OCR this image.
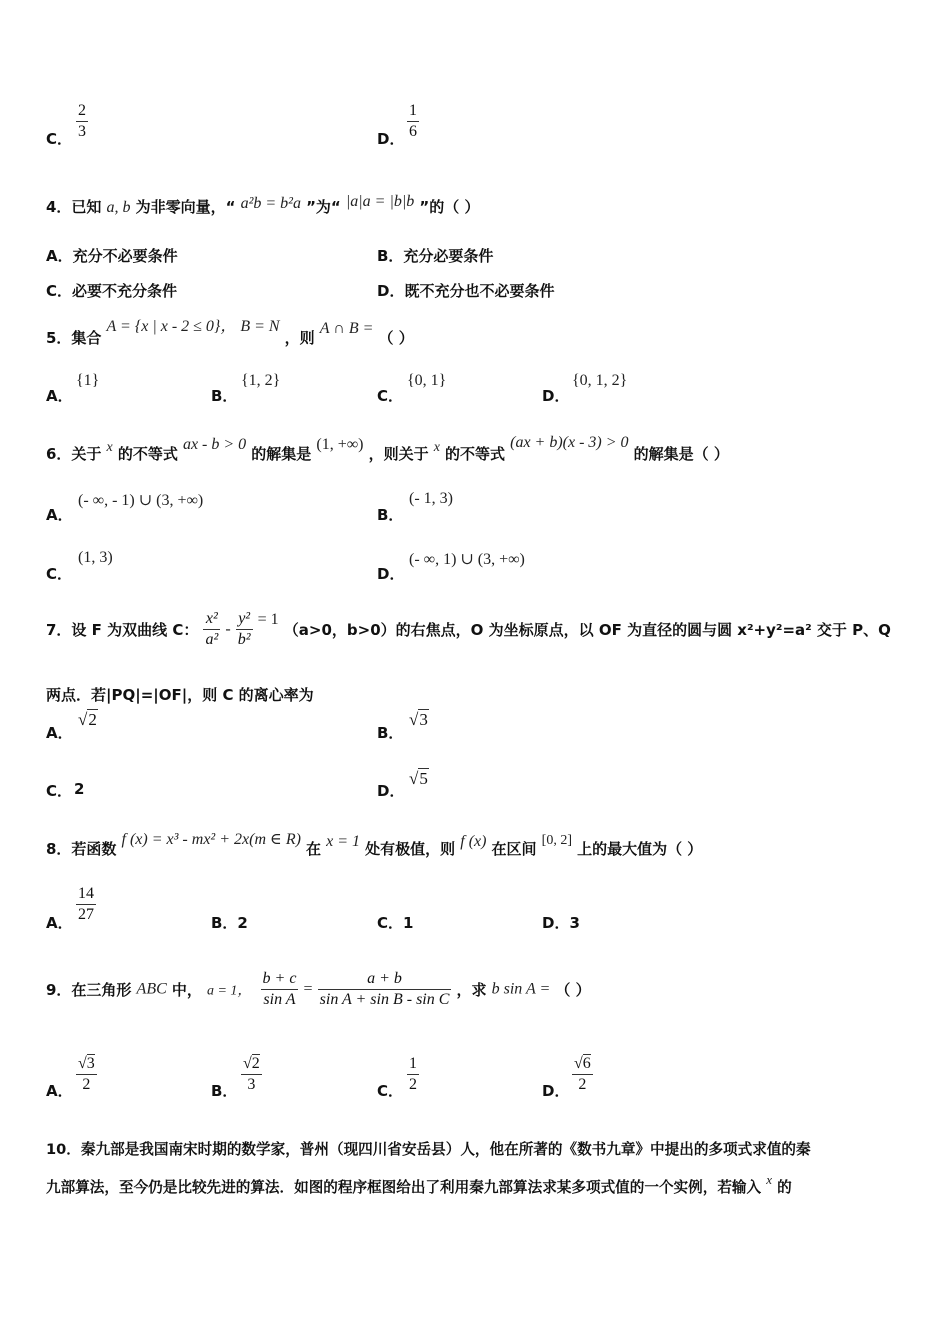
C． $\frac{2}{3}$	D． $\frac{1}{6}$
4．已知 a, b 为非零向量，“ a²b = b²a ”为“ |a|a = |b|b ”的（ ）
A．充分不必要条件	B．充分必要条件
C．必要不充分条件	D．既不充分也不必要条件
5．集合 A = {x | x - 2 ≤ 0}， B = N ，则 A ∩ B = （ ）
A．
{1}
B．
{1, 2}
C．
{0, 1}
D．
{0, 1, 2}
6．关于 x 的不等式 ax - b > 0 的解集是 (1, +∞) ，则关于 x 的不等式 (ax + b)(x - 3) > 0 的解集是（ ）
A．
(- ∞, - 1) ∪ (3, +∞)
B．
(- 1, 3)
C．
(1, 3)
D．
(- ∞, 1) ∪ (3, +∞)
7．设 F 为双曲线 C： $\frac{\text{x²}}{\text{a²}} - \frac{\text{y²}}{\text{b²}} = 1$ （a>0，b>0）的右焦点，O 为坐标原点，以 OF 为直径的圆与圆 x²+y²=a² 交于 P、Q
两点．若|PQ|=|OF|，则 C 的离心率为
A．
√2
B．
√3
C． 2	D．
√5
8．若函数 f (x) = x³ - mx² + 2x(m ∈ R) 在 x = 1 处有极值，则 f (x) 在区间 [0, 2] 上的最大值为（ ）
A． $\frac{14}{27}$	B．2	C．1	D．3
9．在三角形 ABC 中， a = 1， $\frac{b + c}{\text{sin A}} = \frac{a + b}{\text{sin A + sin B - sin C}}$ ，求 b sin A = （ ）
A． $\frac{√3}{2}$	B． $\frac{√2}{3}$	C． $\frac{1}{2}$	D． $\frac{√6}{2}$
10．秦九部是我国南宋时期的数学家，普州（现四川省安岳县）人，他在所著的《数书九章》中提出的多项式求值的秦
九部算法，至今仍是比较先进的算法．如图的程序框图给出了利用秦九部算法求某多项式值的一个实例，若输入 $^x$ 的
